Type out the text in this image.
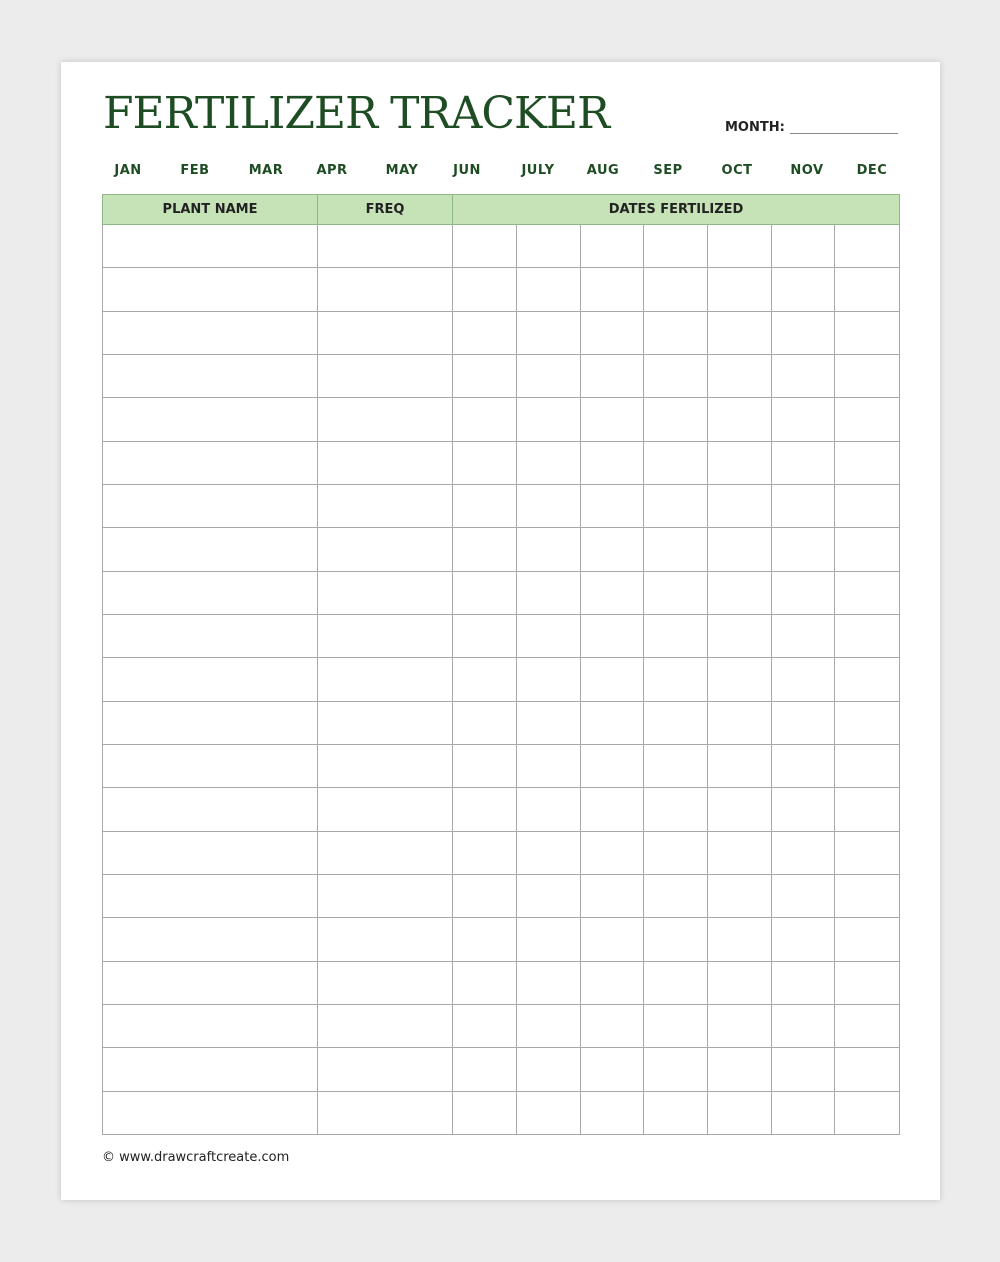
FERTILIZER TRACKER	MONTH:
JAN	FEB	MAR	APR	MAY	JUN	JULY	AUG	SEP	OCT	NOV	DEC
PLANT NAME	FREQ	DATES FERTILIZED						

© www.drawcraftcreate.com
